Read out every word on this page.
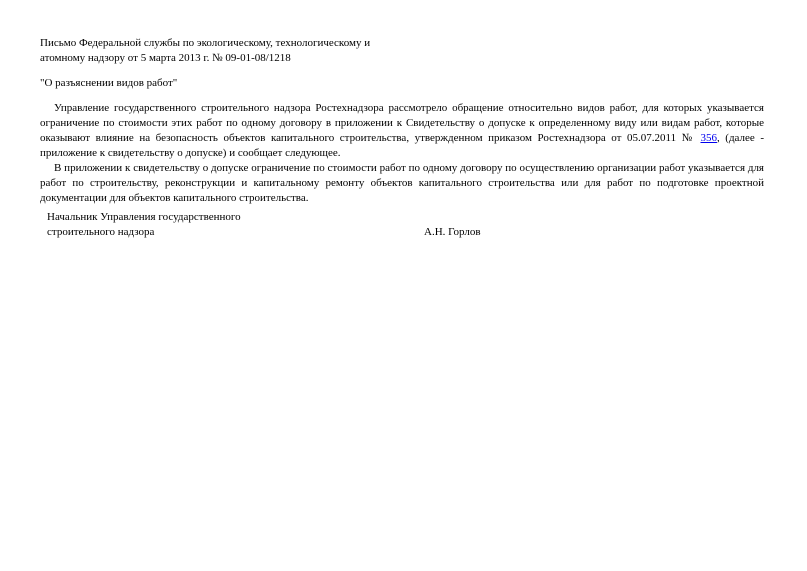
Письмо Федеральной службы по экологическому, технологическому и
атомному надзору от 5 марта 2013 г. № 09-01-08/1218
"О разъяснении видов работ"

Управление государственного строительного надзора Ростехнадзора рассмотрело обращение относительно видов работ, для которых указывается ограничение по стоимости этих работ по одному договору в приложении к Свидетельству о допуске к определенному виду или видам работ, которые оказывают влияние на безопасность объектов капитального строительства, утвержденном приказом Ростехнадзора от 05.07.2011 № 356, (далее - приложение к свидетельству о допуске) и сообщает следующее.

В приложении к свидетельству о допуске ограничение по стоимости работ по одному договору по осуществлению организации работ указывается для работ по строительству, реконструкции и капитальному ремонту объектов капитального строительства или для работ по подготовке проектной документации для объектов капитального строительства.

Начальник Управления государственного
строительного надзора	А.Н. Горлов
